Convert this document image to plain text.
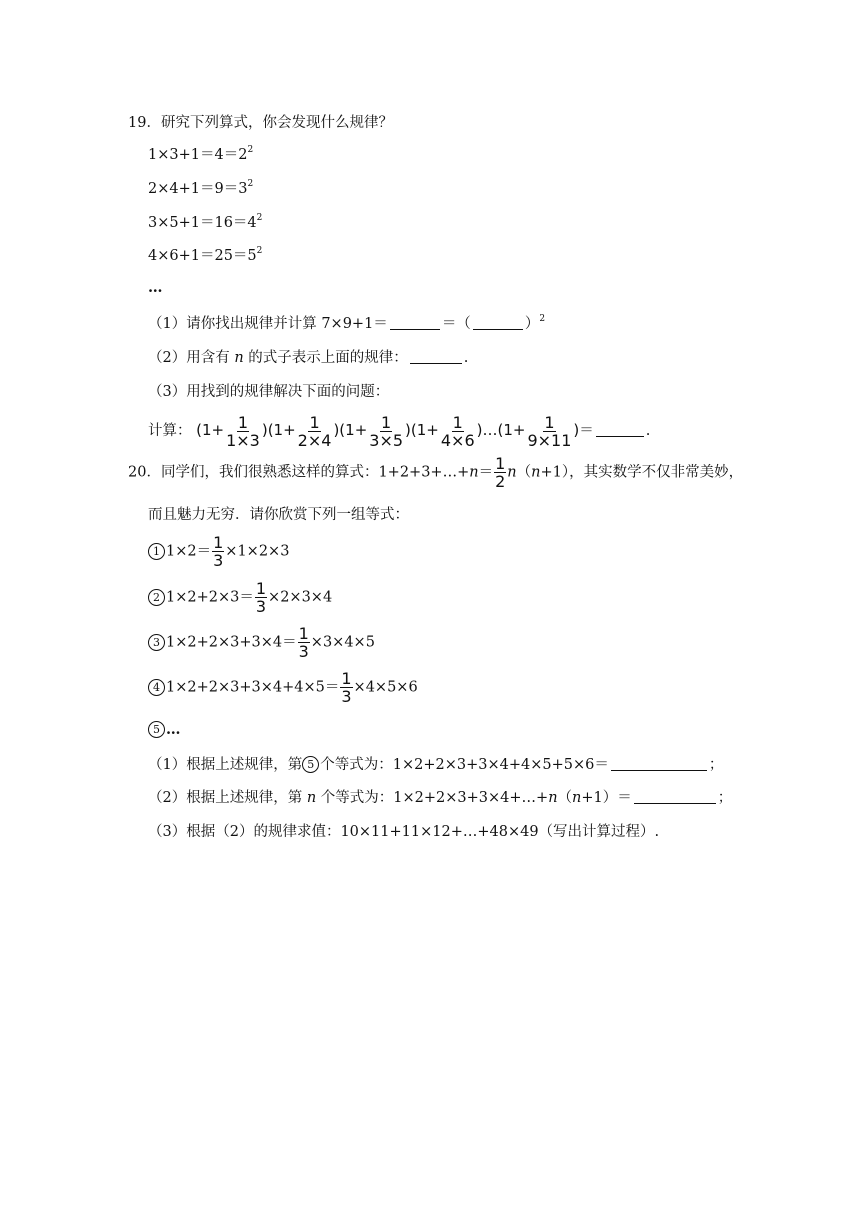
19．研究下列算式，你会发现什么规律？
$1\times 3+1=4=2^2$
$2\times 4+1=9=3^2$
$3\times 5+1=16=4^2$
$4\times 6+1=25=5^2$
…
（1）请你找出规律并计算 7×9+1＝	＝（	）$^2$
（2）用含有 n 的式子表示上面的规律：	.
（3）用找到的规律解决下面的问题：
计算： $(1+ \frac{1}{1\times 3} )(1+ \frac{1}{2\times 4} )(1+ \frac{1}{3\times 5} )(1+ \frac{1}{4\times 6}$ )…(1+ $\frac{1}{9\times 11}$ )＝	.
20．同学们，我们很熟悉这样的算式：1+2+3+…+n＝ $\frac{1}{2} n(n+1)$，其实数学不仅非常美妙，
而且魅力无穷．请你欣赏下列一组等式：
1 $1\times 2= \frac{1}{3} \times 1\times 2\times 3$
2 $1\times 2+2\times 3= \frac{1}{3} \times 2\times 3\times 4$
3 $1\times 2+2\times 3+3\times 4= \frac{1}{3} \times 3\times 4\times 5$
4 $1\times 2+2\times 3+3\times 4+4\times 5= \frac{1}{3} \times 4\times 5\times 6$
5 …
（1）根据上述规律，第 5 个等式为：1×2+2×3+3×4+4×5+5×6＝	；
（2）根据上述规律，第 n 个等式为：1×2+2×3+3×4+…+n（n+1）＝	；
（3）根据（2）的规律求值：10×11+11×12+…+48×49（写出计算过程）.
